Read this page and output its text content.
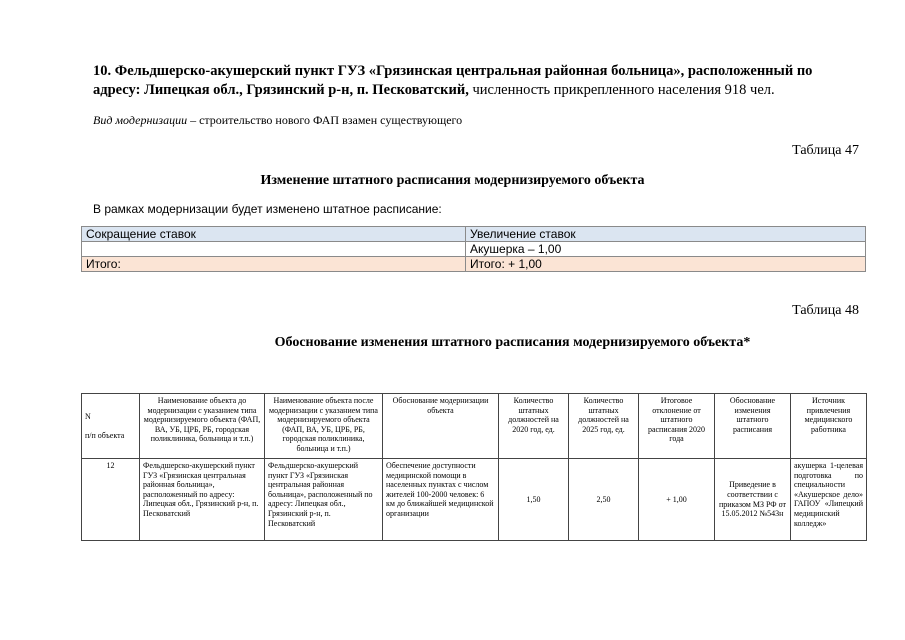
10. Фельдшерско-акушерский пункт ГУЗ «Грязинская центральная районная больница», расположенный по адресу: Липецкая обл., Грязинский р-н, п. Песковатский, численность прикрепленного населения 918 чел.
Вид модернизации – строительство нового ФАП взамен существующего
Таблица 47
Изменение штатного расписания модернизируемого объекта
В рамках модернизации будет изменено штатное расписание:
Сокращение ставок	Увеличение ставок
	Акушерка – 1,00
Итого:	Итого: + 1,00
Таблица 48
Обоснование изменения штатного расписания модернизируемого объекта*
N

п/п объекта	Наименование объекта до модернизации с указанием типа модернизируемого объекта (ФАП, ВА, УБ, ЦРБ, РБ, городская поликлиника, больница и т.п.)	Наименование объекта после модернизации с указанием типа модернизируемого объекта (ФАП, ВА, УБ, ЦРБ, РБ, городская поликлиника, больница и т.п.)	Обоснование модернизации объекта	Количество штатных должностей на 2020 год, ед.	Количество штатных должностей на 2025 год, ед.	Итоговое отклонение от штатного расписания 2020 года	Обоснование изменения штатного расписания	Источник привлечения медицинского работника
12	Фельдшерско-акушерский пункт ГУЗ «Грязинская центральная районная больница», расположенный по адресу: Липецкая обл., Грязинский р-н, п. Песковатский	Фельдшерско-акушерский пункт ГУЗ «Грязинская центральная районная больница», расположенный по адресу: Липецкая обл., Грязинский р-н, п. Песковатский	Обеспечение доступности медицинской помощи в населенных пунктах с числом жителей 100-2000 человек: 6 км до ближайшей медицинской организации	1,50	2,50	+ 1,00	Приведение в соответствии с приказом МЗ РФ от 15.05.2012 №543н	акушерка 1-целевая подготовка по специальности «Акушерское дело» ГАПОУ «Липецкий медицинский колледж»
